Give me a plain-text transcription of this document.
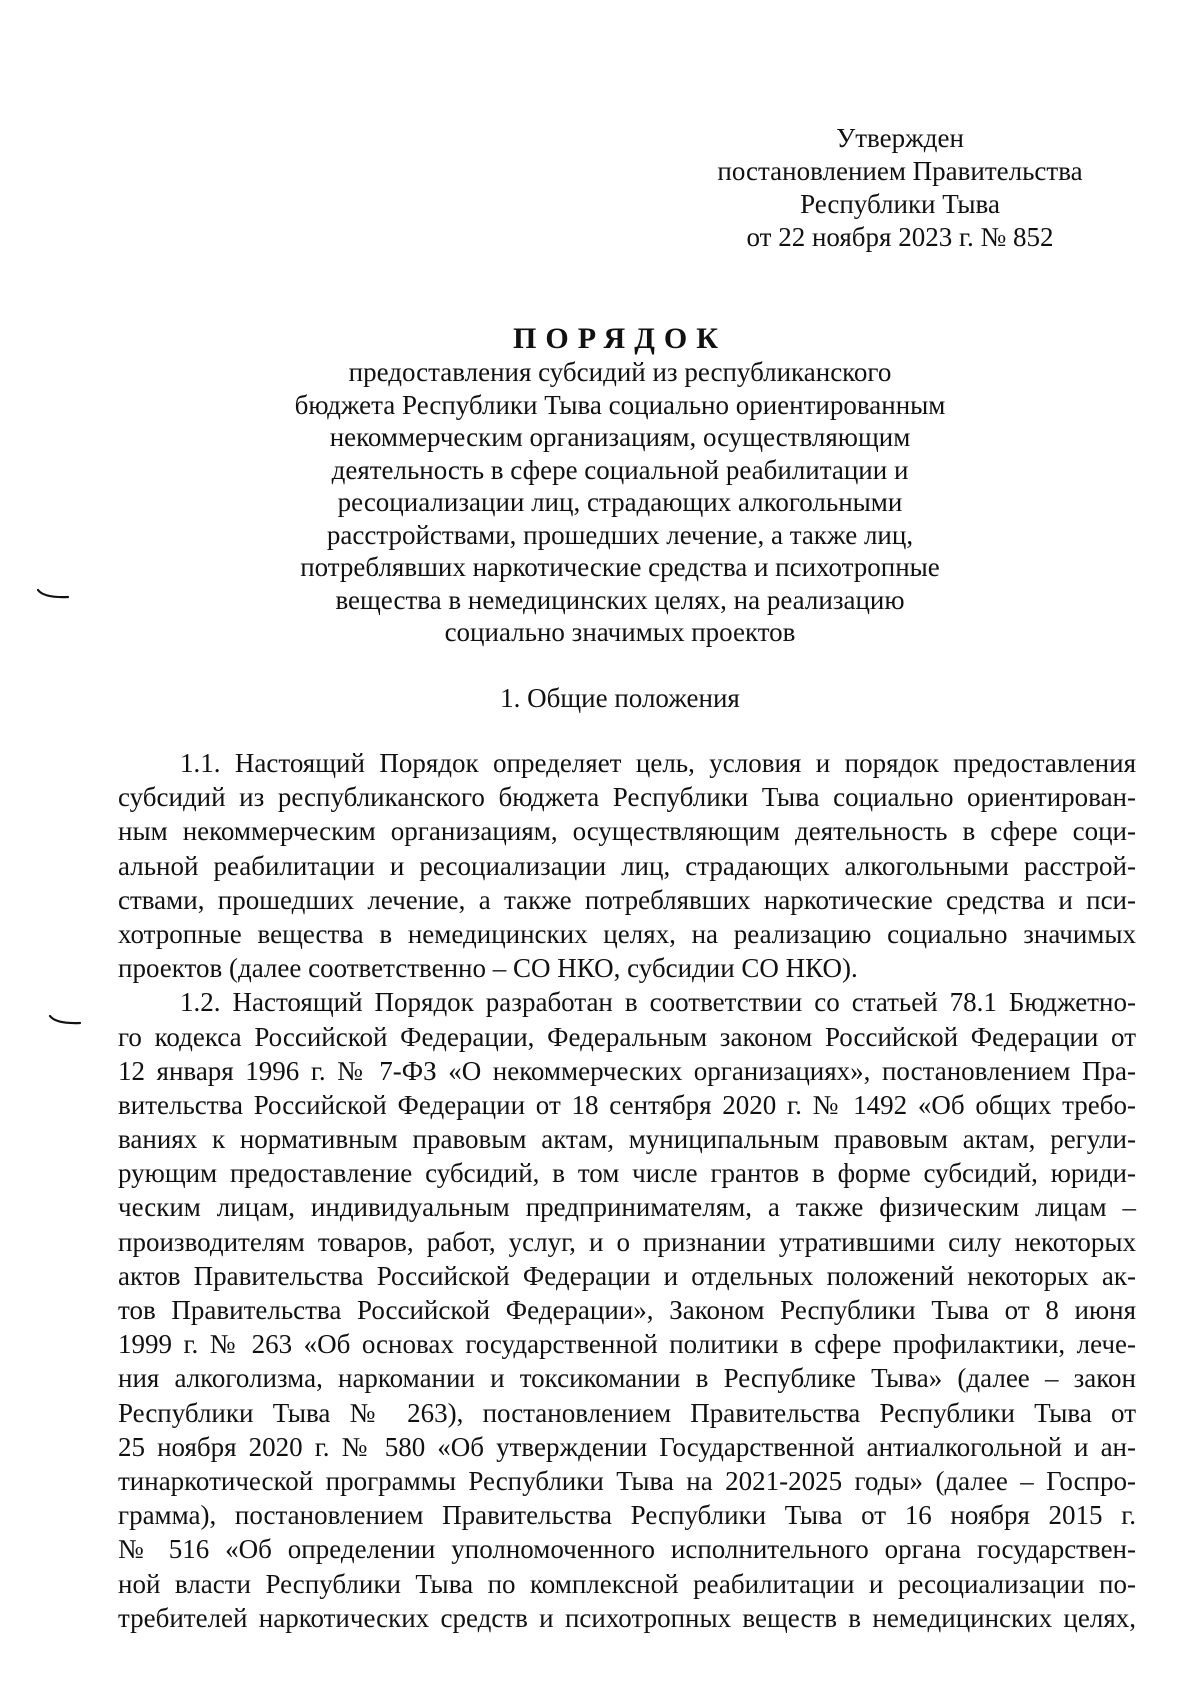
Утвержден
постановлением Правительства
Республики Тыва
от 22 ноября 2023 г. № 852
ПОРЯДОК
предоставления субсидий из республиканского
бюджета Республики Тыва социально ориентированным
некоммерческим организациям, осуществляющим
деятельность в сфере социальной реабилитации и
ресоциализации лиц, страдающих алкогольными
расстройствами, прошедших лечение, а также лиц,
потреблявших наркотические средства и психотропные
вещества в немедицинских целях, на реализацию
социально значимых проектов
1. Общие положения
1.1. Настоящий Порядок определяет цель, условия и порядок предоставления
субсидий из республиканского бюджета Республики Тыва социально ориентирован-
ным некоммерческим организациям, осуществляющим деятельность в сфере соци-
альной реабилитации и ресоциализации лиц, страдающих алкогольными расстрой-
ствами, прошедших лечение, а также потреблявших наркотические средства и пси-
хотропные вещества в немедицинских целях, на реализацию социально значимых
проектов (далее соответственно – СО НКО, субсидии СО НКО).
1.2. Настоящий Порядок разработан в соответствии со статьей 78.1 Бюджетно-
го кодекса Российской Федерации, Федеральным законом Российской Федерации от
12 января 1996 г. № 7-ФЗ «О некоммерческих организациях», постановлением Пра-
вительства Российской Федерации от 18 сентября 2020 г. № 1492 «Об общих требо-
ваниях к нормативным правовым актам, муниципальным правовым актам, регули-
рующим предоставление субсидий, в том числе грантов в форме субсидий, юриди-
ческим лицам, индивидуальным предпринимателям, а также физическим лицам –
производителям товаров, работ, услуг, и о признании утратившими силу некоторых
актов Правительства Российской Федерации и отдельных положений некоторых ак-
тов Правительства Российской Федерации», Законом Республики Тыва от 8 июня
1999 г. № 263 «Об основах государственной политики в сфере профилактики, лече-
ния алкоголизма, наркомании и токсикомании в Республике Тыва» (далее – закон
Республики Тыва № 263), постановлением Правительства Республики Тыва от
25 ноября 2020 г. № 580 «Об утверждении Государственной антиалкогольной и ан-
тинаркотической программы Республики Тыва на 2021-2025 годы» (далее – Госпро-
грамма), постановлением Правительства Республики Тыва от 16 ноября 2015 г.
№ 516 «Об определении уполномоченного исполнительного органа государствен-
ной власти Республики Тыва по комплексной реабилитации и ресоциализации по-
требителей наркотических средств и психотропных веществ в немедицинских целях,
